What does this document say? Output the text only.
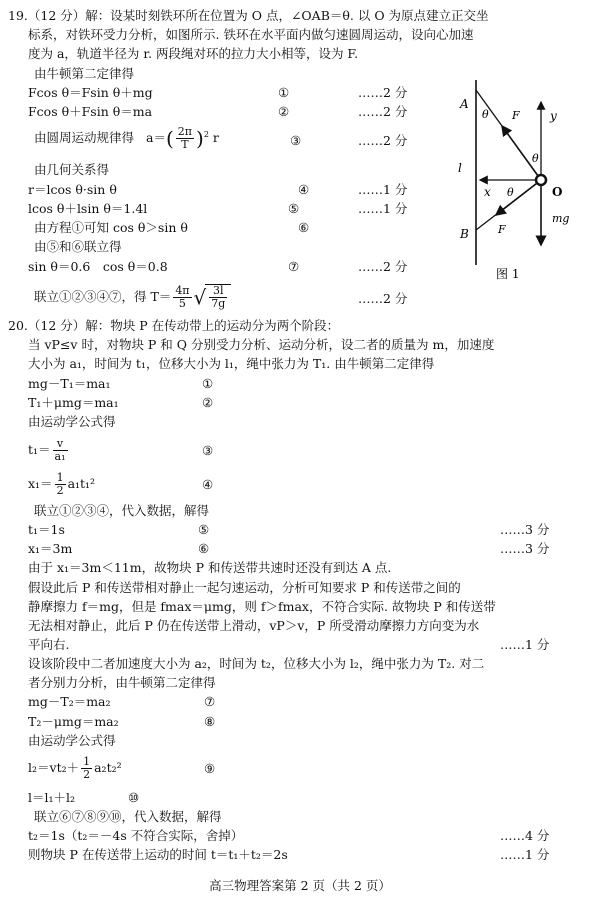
19.（12 分）解：设某时刻铁环所在位置为 O 点，∠OAB＝θ. 以 O 为原点建立正交坐
标系，对铁环受力分析，如图所示. 铁环在水平面内做匀速圆周运动，设向心加速
度为 a，轨道半径为 r. 两段绳对环的拉力大小相等，设为 F.
由牛顿第二定律得
Fcos θ＝Fsin θ＋mg	①	……2 分
Fcos θ＋Fsin θ＝ma	②	……2 分
由圆周运动规律得 $a=( \frac{2\pi}{T} )^2$ r	③	……2 分
由几何关系得
r＝lcos θ·sin θ	④	……1 分
lcos θ＋lsin θ＝1.4l	⑤	……1 分
由方程①可知 cos θ＞sin θ	⑥
由⑤和⑥联立得
sin θ＝0.6　cos θ＝0.8	⑦	……2 分
联立①②③④⑦，得 $T= \frac{4\pi}{5}$ √ $\frac{3l}{7g}$	……2 分
A
B
l
F
F
y
x	O
θ
θ
θ
mg
图 1
20.（12 分）解：物块 P 在传动带上的运动分为两个阶段：
当 vP≤v 时，对物块 P 和 Q 分别受力分析、运动分析，设二者的质量为 m，加速度
大小为 a₁，时间为 t₁，位移大小为 l₁，绳中张力为 T₁. 由牛顿第二定律得
mg－T₁＝ma₁	①
T₁＋μmg＝ma₁	②
由运动学公式得
$t_1= \frac{v}{\text{a₁}}$	③
$x_1= \frac{1}{2} a_1t_1^2$	④
联立①②③④，代入数据，解得
t₁＝1s	⑤	……3 分
x₁＝3m	⑥	……3 分
由于 x₁＝3m＜11m，故物块 P 和传送带共速时还没有到达 A 点.
假设此后 P 和传送带相对静止一起匀速运动，分析可知要求 P 和传送带之间的
静摩擦力 f＝mg，但是 fmax＝μmg，则 f＞fmax，不符合实际. 故物块 P 和传送带
无法相对静止，此后 P 仍在传送带上滑动，vP＞v，P 所受滑动摩擦力方向变为水
平向右.	……1 分
设该阶段中二者加速度大小为 a₂，时间为 t₂，位移大小为 l₂，绳中张力为 T₂. 对二
者分别力分析，由牛顿第二定律得
mg－T₂＝ma₂	⑦
T₂－μmg＝ma₂	⑧
由运动学公式得
$l_2=vt_2+ \frac{1}{2} a_2t_2^2$	⑨
l＝l₁＋l₂	⑩
联立⑥⑦⑧⑨⑩，代入数据，解得
t₂＝1s（t₂＝－4s 不符合实际，舍掉）	……4 分
则物块 P 在传送带上运动的时间 t＝t₁＋t₂＝2s	……1 分
高三物理答案第 2 页（共 2 页）
